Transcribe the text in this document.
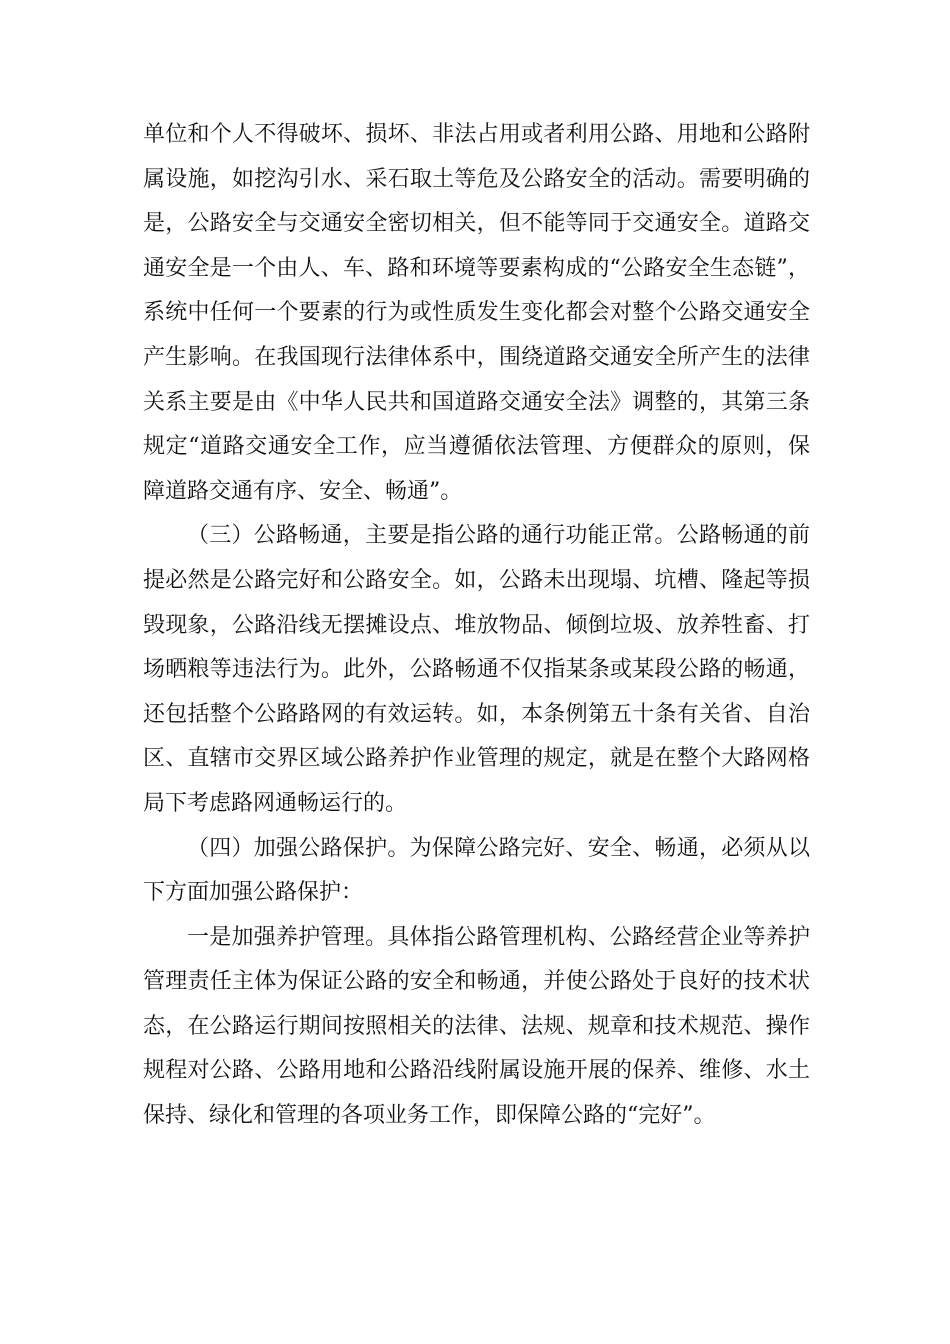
单位和个人不得破坏、损坏、非法占用或者利用公路、用地和公路附属设施，如挖沟引水、采石取土等危及公路安全的活动。需要明确的是，公路安全与交通安全密切相关，但不能等同于交通安全。道路交通安全是一个由人、车、路和环境等要素构成的“公路安全生态链”，系统中任何一个要素的行为或性质发生变化都会对整个公路交通安全产生影响。在我国现行法律体系中，围绕道路交通安全所产生的法律关系主要是由《中华人民共和国道路交通安全法》调整的，其第三条规定“道路交通安全工作，应当遵循依法管理、方便群众的原则，保障道路交通有序、安全、畅通”。

（三）公路畅通，主要是指公路的通行功能正常。公路畅通的前提必然是公路完好和公路安全。如，公路未出现塌、坑槽、隆起等损毁现象，公路沿线无摆摊设点、堆放物品、倾倒垃圾、放养牲畜、打场晒粮等违法行为。此外，公路畅通不仅指某条或某段公路的畅通，还包括整个公路路网的有效运转。如，本条例第五十条有关省、自治区、直辖市交界区域公路养护作业管理的规定，就是在整个大路网格局下考虑路网通畅运行的。

（四）加强公路保护。为保障公路完好、安全、畅通，必须从以下方面加强公路保护：

一是加强养护管理。具体指公路管理机构、公路经营企业等养护管理责任主体为保证公路的安全和畅通，并使公路处于良好的技术状态，在公路运行期间按照相关的法律、法规、规章和技术规范、操作规程对公路、公路用地和公路沿线附属设施开展的保养、维修、水土保持、绿化和管理的各项业务工作，即保障公路的“完好”。
